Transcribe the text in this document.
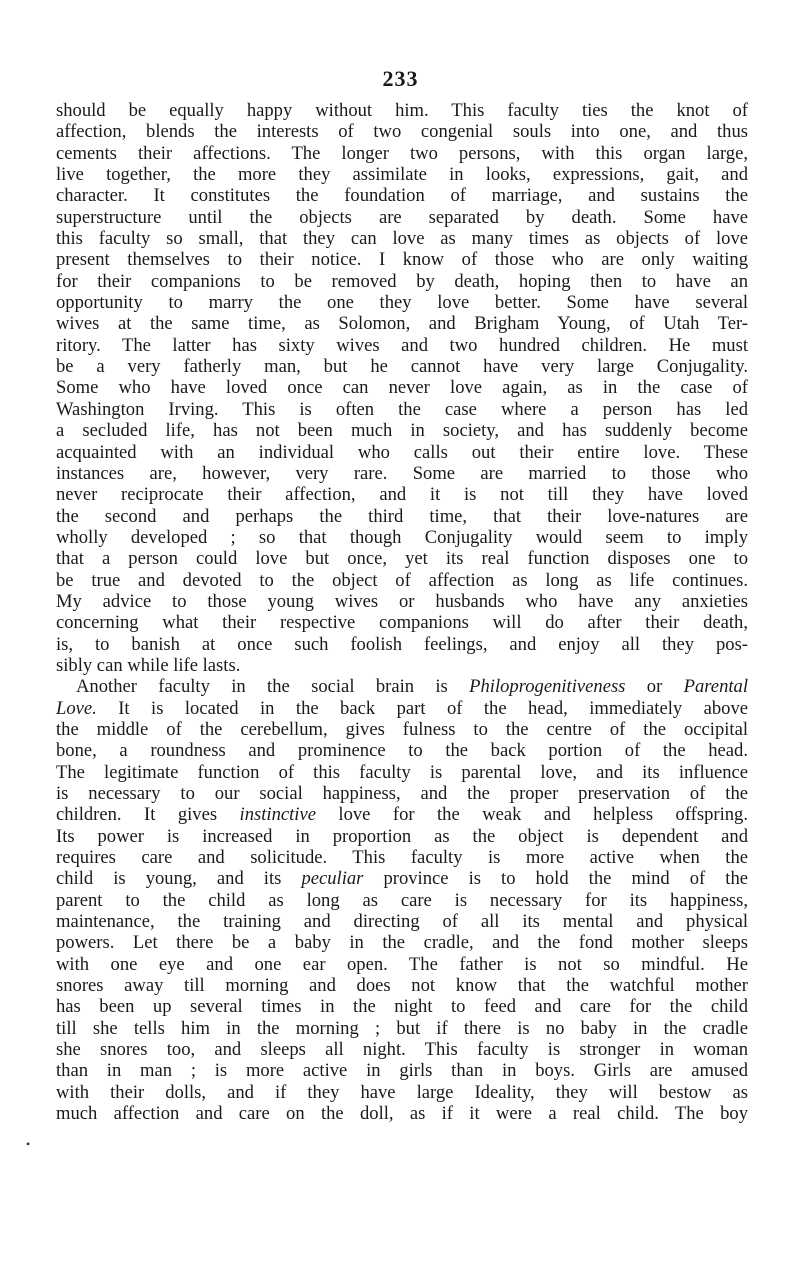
233
•
should be equally happy without him. This faculty ties the knot of
affection, blends the interests of two congenial souls into one, and thus
cements their affections. The longer two persons, with this organ large,
live together, the more they assimilate in looks, expressions, gait, and
character. It constitutes the foundation of marriage, and sustains the
superstructure until the objects are separated by death. Some have
this faculty so small, that they can love as many times as objects of love
present themselves to their notice. I know of those who are only waiting
for their companions to be removed by death, hoping then to have an
opportunity to marry the one they love better. Some have several
wives at the same time, as Solomon, and Brigham Young, of Utah Ter-
ritory. The latter has sixty wives and two hundred children. He must
be a very fatherly man, but he cannot have very large Conjugality.
Some who have loved once can never love again, as in the case of
Washington Irving. This is often the case where a person has led
a secluded life, has not been much in society, and has suddenly become
acquainted with an individual who calls out their entire love. These
instances are, however, very rare. Some are married to those who
never reciprocate their affection, and it is not till they have loved
the second and perhaps the third time, that their love-natures are
wholly developed ; so that though Conjugality would seem to imply
that a person could love but once, yet its real function disposes one to
be true and devoted to the object of affection as long as life continues.
My advice to those young wives or husbands who have any anxieties
concerning what their respective companions will do after their death,
is, to banish at once such foolish feelings, and enjoy all they pos-
sibly can while life lasts.
Another faculty in the social brain is Philoprogenitiveness or Parental
Love. It is located in the back part of the head, immediately above
the middle of the cerebellum, gives fulness to the centre of the occipital
bone, a roundness and prominence to the back portion of the head.
The legitimate function of this faculty is parental love, and its influence
is necessary to our social happiness, and the proper preservation of the
children. It gives instinctive love for the weak and helpless offspring.
Its power is increased in proportion as the object is dependent and
requires care and solicitude. This faculty is more active when the
child is young, and its peculiar province is to hold the mind of the
parent to the child as long as care is necessary for its happiness,
maintenance, the training and directing of all its mental and physical
powers. Let there be a baby in the cradle, and the fond mother sleeps
with one eye and one ear open. The father is not so mindful. He
snores away till morning and does not know that the watchful mother
has been up several times in the night to feed and care for the child
till she tells him in the morning ; but if there is no baby in the cradle
she snores too, and sleeps all night. This faculty is stronger in woman
than in man ; is more active in girls than in boys. Girls are amused
with their dolls, and if they have large Ideality, they will bestow as
much affection and care on the doll, as if it were a real child. The boy
